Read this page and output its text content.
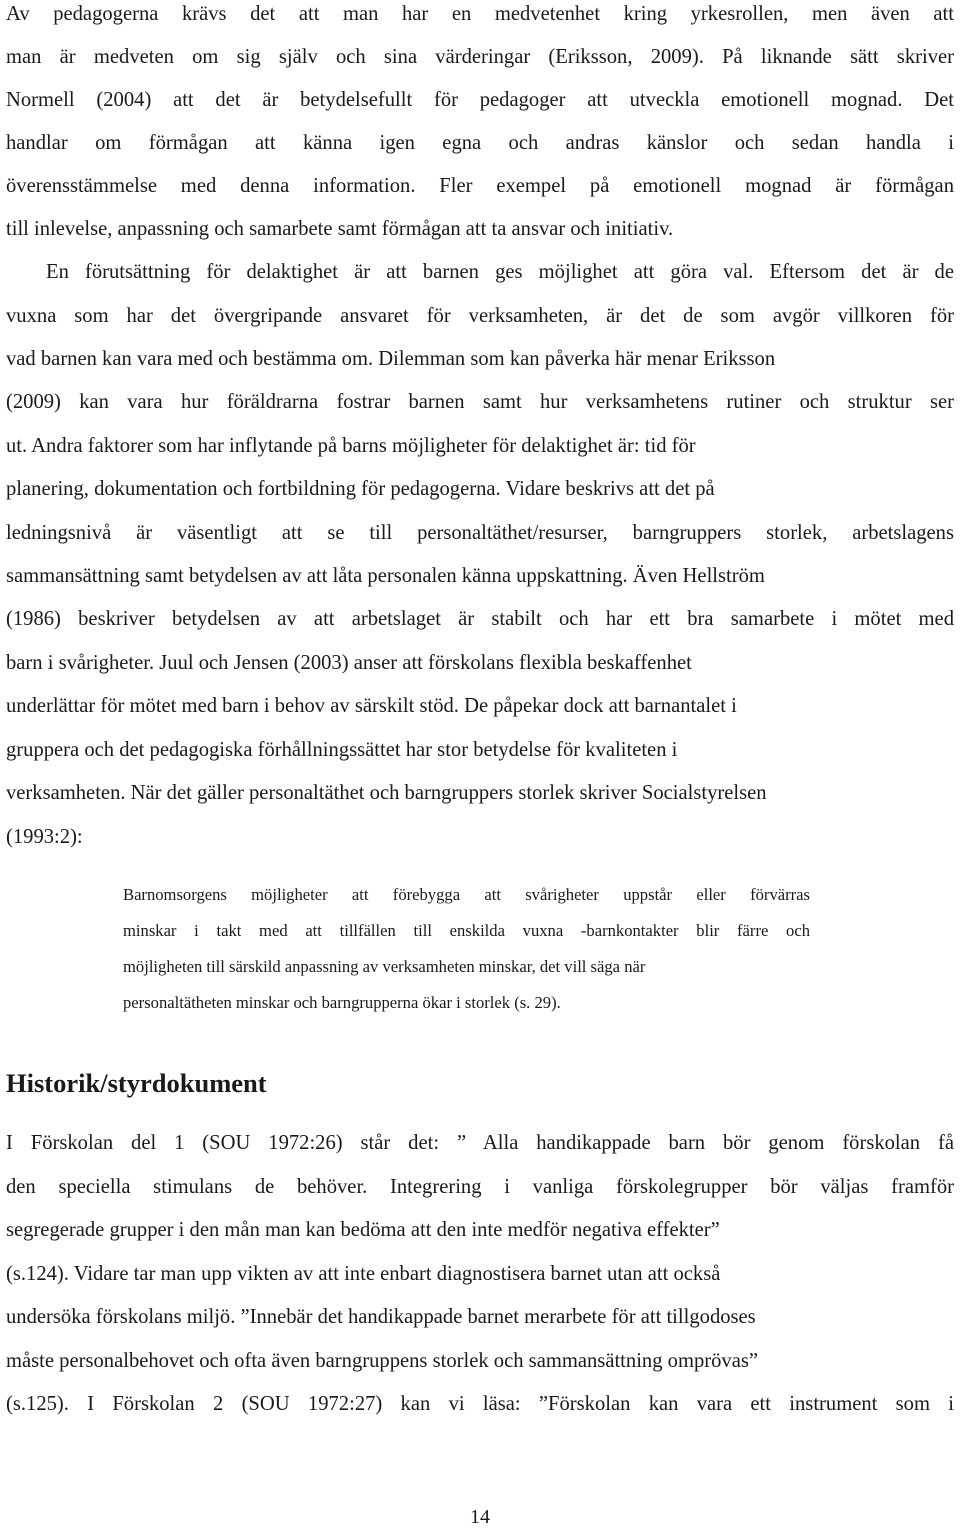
Av pedagogerna krävs det att man har en medvetenhet kring yrkesrollen, men även att
man är medveten om sig själv och sina värderingar (Eriksson, 2009). På liknande sätt skriver
Normell (2004) att det är betydelsefullt för pedagoger att utveckla emotionell mognad. Det
handlar om förmågan att känna igen egna och andras känslor och sedan handla i
överensstämmelse med denna information. Fler exempel på emotionell mognad är förmågan
till inlevelse, anpassning och samarbete samt förmågan att ta ansvar och initiativ.
En förutsättning för delaktighet är att barnen ges möjlighet att göra val. Eftersom det är de
vuxna som har det övergripande ansvaret för verksamheten, är det de som avgör villkoren för
vad barnen kan vara med och bestämma om. Dilemman som kan påverka här menar Eriksson
(2009) kan vara hur föräldrarna fostrar barnen samt hur verksamhetens rutiner och struktur ser
ut. Andra faktorer som har inflytande på barns möjligheter för delaktighet är: tid för
planering, dokumentation och fortbildning för pedagogerna. Vidare beskrivs att det på
ledningsnivå är väsentligt att se till personaltäthet/resurser, barngruppers storlek, arbetslagens
sammansättning samt betydelsen av att låta personalen känna uppskattning. Även Hellström
(1986) beskriver betydelsen av att arbetslaget är stabilt och har ett bra samarbete i mötet med
barn i svårigheter. Juul och Jensen (2003) anser att förskolans flexibla beskaffenhet
underlättar för mötet med barn i behov av särskilt stöd. De påpekar dock att barnantalet i
gruppera och det pedagogiska förhållningssättet har stor betydelse för kvaliteten i
verksamheten. När det gäller personaltäthet och barngruppers storlek skriver Socialstyrelsen
(1993:2):
Barnomsorgens möjligheter att förebygga att svårigheter uppstår eller förvärras
minskar i takt med att tillfällen till enskilda vuxna -barnkontakter blir färre och
möjligheten till särskild anpassning av verksamheten minskar, det vill säga när
personaltätheten minskar och barngrupperna ökar i storlek (s. 29).
Historik/styrdokument
I Förskolan del 1 (SOU 1972:26) står det: ” Alla handikappade barn bör genom förskolan få
den speciella stimulans de behöver. Integrering i vanliga förskolegrupper bör väljas framför
segregerade grupper i den mån man kan bedöma att den inte medför negativa effekter”
(s.124). Vidare tar man upp vikten av att inte enbart diagnostisera barnet utan att också
undersöka förskolans miljö. ”Innebär det handikappade barnet merarbete för att tillgodoses
måste personalbehovet och ofta även barngruppens storlek och sammansättning omprövas”
(s.125). I Förskolan 2 (SOU 1972:27) kan vi läsa: ”Förskolan kan vara ett instrument som i
14
